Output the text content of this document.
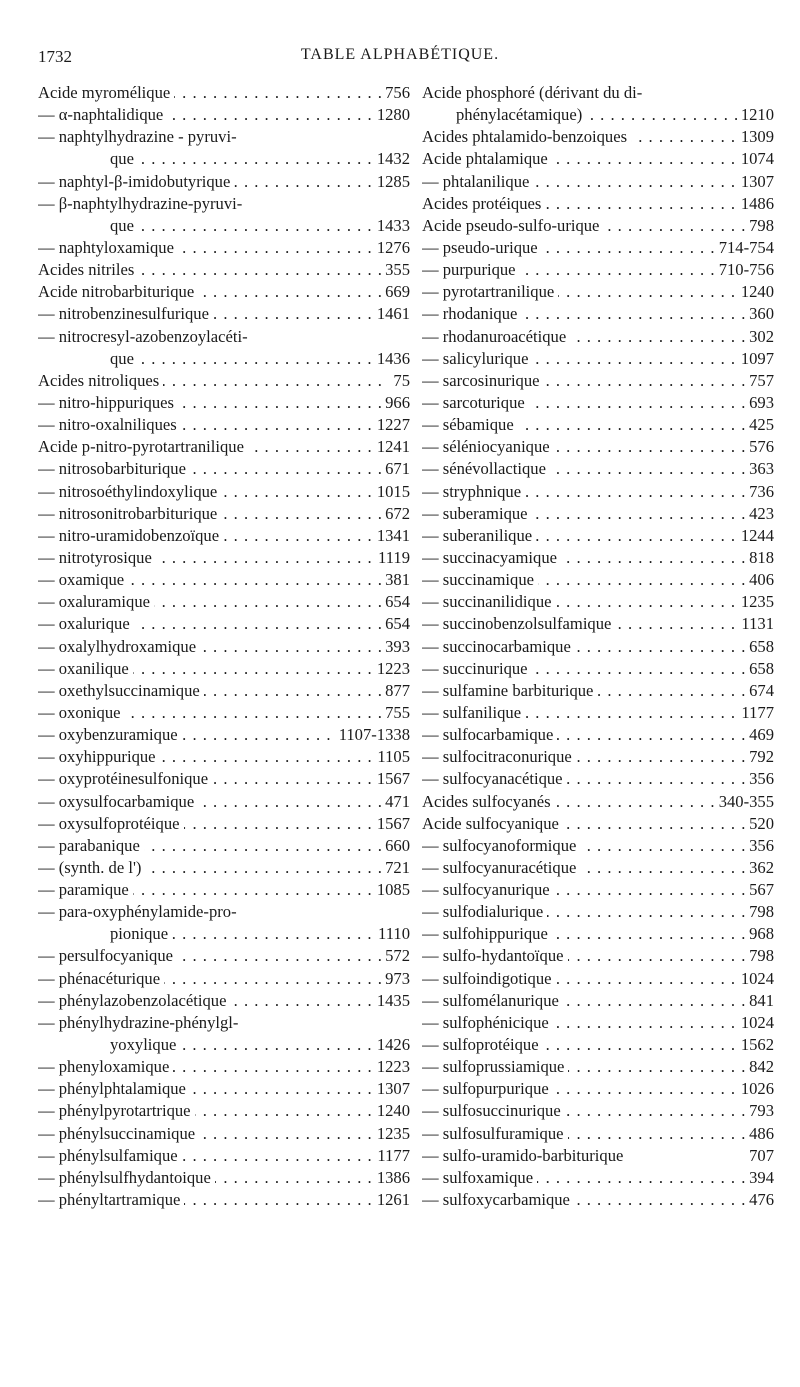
1732	TABLE ALPHABÉTIQUE.
Acide myromélique . . .	756
— α-naphtalidique . . .	1280
— naphtylhydrazine - pyruvi-
que . . .	1432
— naphtyl-β-imidobutyrique . . .	1285
— β-naphtylhydrazine-pyruvi-
que . . .	1433
— naphtyloxamique . . .	1276
Acides nitriles . . .	355
Acide nitrobarbiturique . . .	669
— nitrobenzinesulfurique . . .	1461
— nitrocresyl-azobenzoylacéti-
que . . .	1436
Acides nitroliques . . .	75
— nitro-hippuriques . . .	966
— nitro-oxalniliques . . .	1227
Acide p-nitro-pyrotartranilique . . .	1241
— nitrosobarbiturique . . .	671
— nitrosoéthylindoxylique . . .	1015
— nitrosonitrobarbiturique . . .	672
— nitro-uramidobenzoïque . . .	1341
— nitrotyrosique . . .	1119
— oxamique . . .	381
— oxaluramique . . .	654
— oxalurique . . .	654
— oxalylhydroxamique . . .	393
— oxanilique . . .	1223
— oxethylsuccinamique . . .	877
— oxonique . . .	755
— oxybenzuramique . . .	1107-1338
— oxyhippurique . . .	1105
— oxyprotéinesulfonique . . .	1567
— oxysulfocarbamique . . .	471
— oxysulfoprotéique . . .	1567
— parabanique . . .	660
— (synth. de l') . . .	721
— paramique . . .	1085
— para-oxyphénylamide-pro-
pionique . . .	1110
— persulfocyanique . . .	572
— phénacéturique . . .	973
— phénylazobenzolacétique . . .	1435
— phénylhydrazine-phénylgl-
yoxylique . . .	1426
— phenyloxamique . . .	1223
— phénylphtalamique . . .	1307
— phénylpyrotartrique . . .	1240
— phénylsuccinamique . . .	1235
— phénylsulfamique . . .	1177
— phénylsulfhydantoique . . .	1386
— phényltartramique . . .	1261
Acide phosphoré (dérivant du di-
phénylacétamique) . . .	1210
Acides phtalamido-benzoiques . . .	1309
Acide phtalamique . . .	1074
— phtalanilique . . .	1307
Acides protéiques . . .	1486
Acide pseudo-sulfo-urique . . .	798
— pseudo-urique . . .	714-754
— purpurique . . .	710-756
— pyrotartranilique . . .	1240
— rhodanique . . .	360
— rhodanuroacétique . . .	302
— salicylurique . . .	1097
— sarcosinurique . . .	757
— sarcoturique . . .	693
— sébamique . . .	425
— séléniocyanique . . .	576
— sénévollactique . . .	363
— stryphnique . . .	736
— suberamique . . .	423
— suberanilique . . .	1244
— succinacyamique . . .	818
— succinamique . . .	406
— succinanilidique . . .	1235
— succinobenzolsulfamique . . .	1131
— succinocarbamique . . .	658
— succinurique . . .	658
— sulfamine barbiturique . . .	674
— sulfanilique . . .	1177
— sulfocarbamique . . .	469
— sulfocitraconurique . . .	792
— sulfocyanacétique . . .	356
Acides sulfocyanés . . .	340-355
Acide sulfocyanique . . .	520
— sulfocyanoformique . . .	356
— sulfocyanuracétique . . .	362
— sulfocyanurique . . .	567
— sulfodialurique . . .	798
— sulfohippurique . . .	968
— sulfo-hydantoïque . . .	798
— sulfoindigotique . . .	1024
— sulfomélanurique . . .	841
— sulfophénicique . . .	1024
— sulfoprotéique . . .	1562
— sulfoprussiamique . . .	842
— sulfopurpurique . . .	1026
— sulfosuccinurique . . .	793
— sulfosulfuramique . . .	486
— sulfo-uramido-barbiturique	707
— sulfoxamique . . .	394
— sulfoxycarbamique . . .	476
